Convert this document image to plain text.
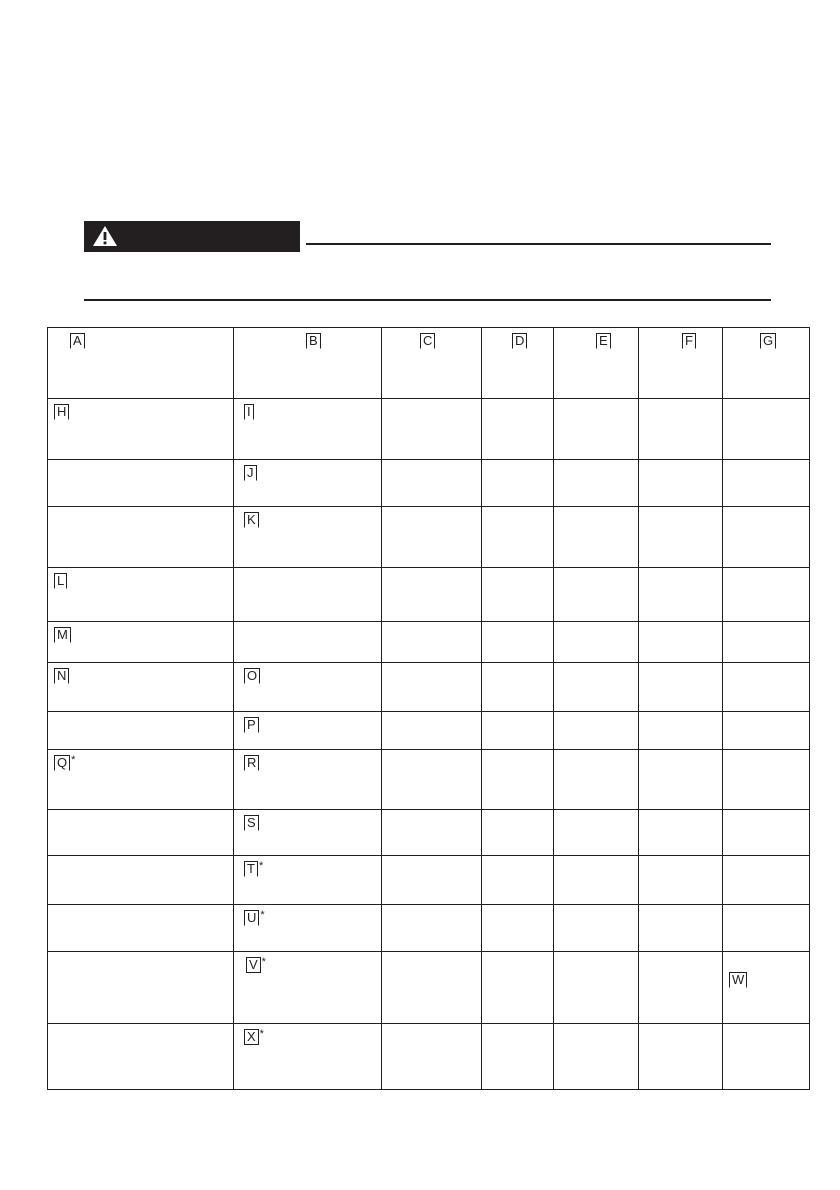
A	B	C	D	E	F	G

H	I					

	J					

	K					

L						

M						

N	O					

	P					

Q *	R					

	S					

	T *

	U *

	V *					W

	X *
